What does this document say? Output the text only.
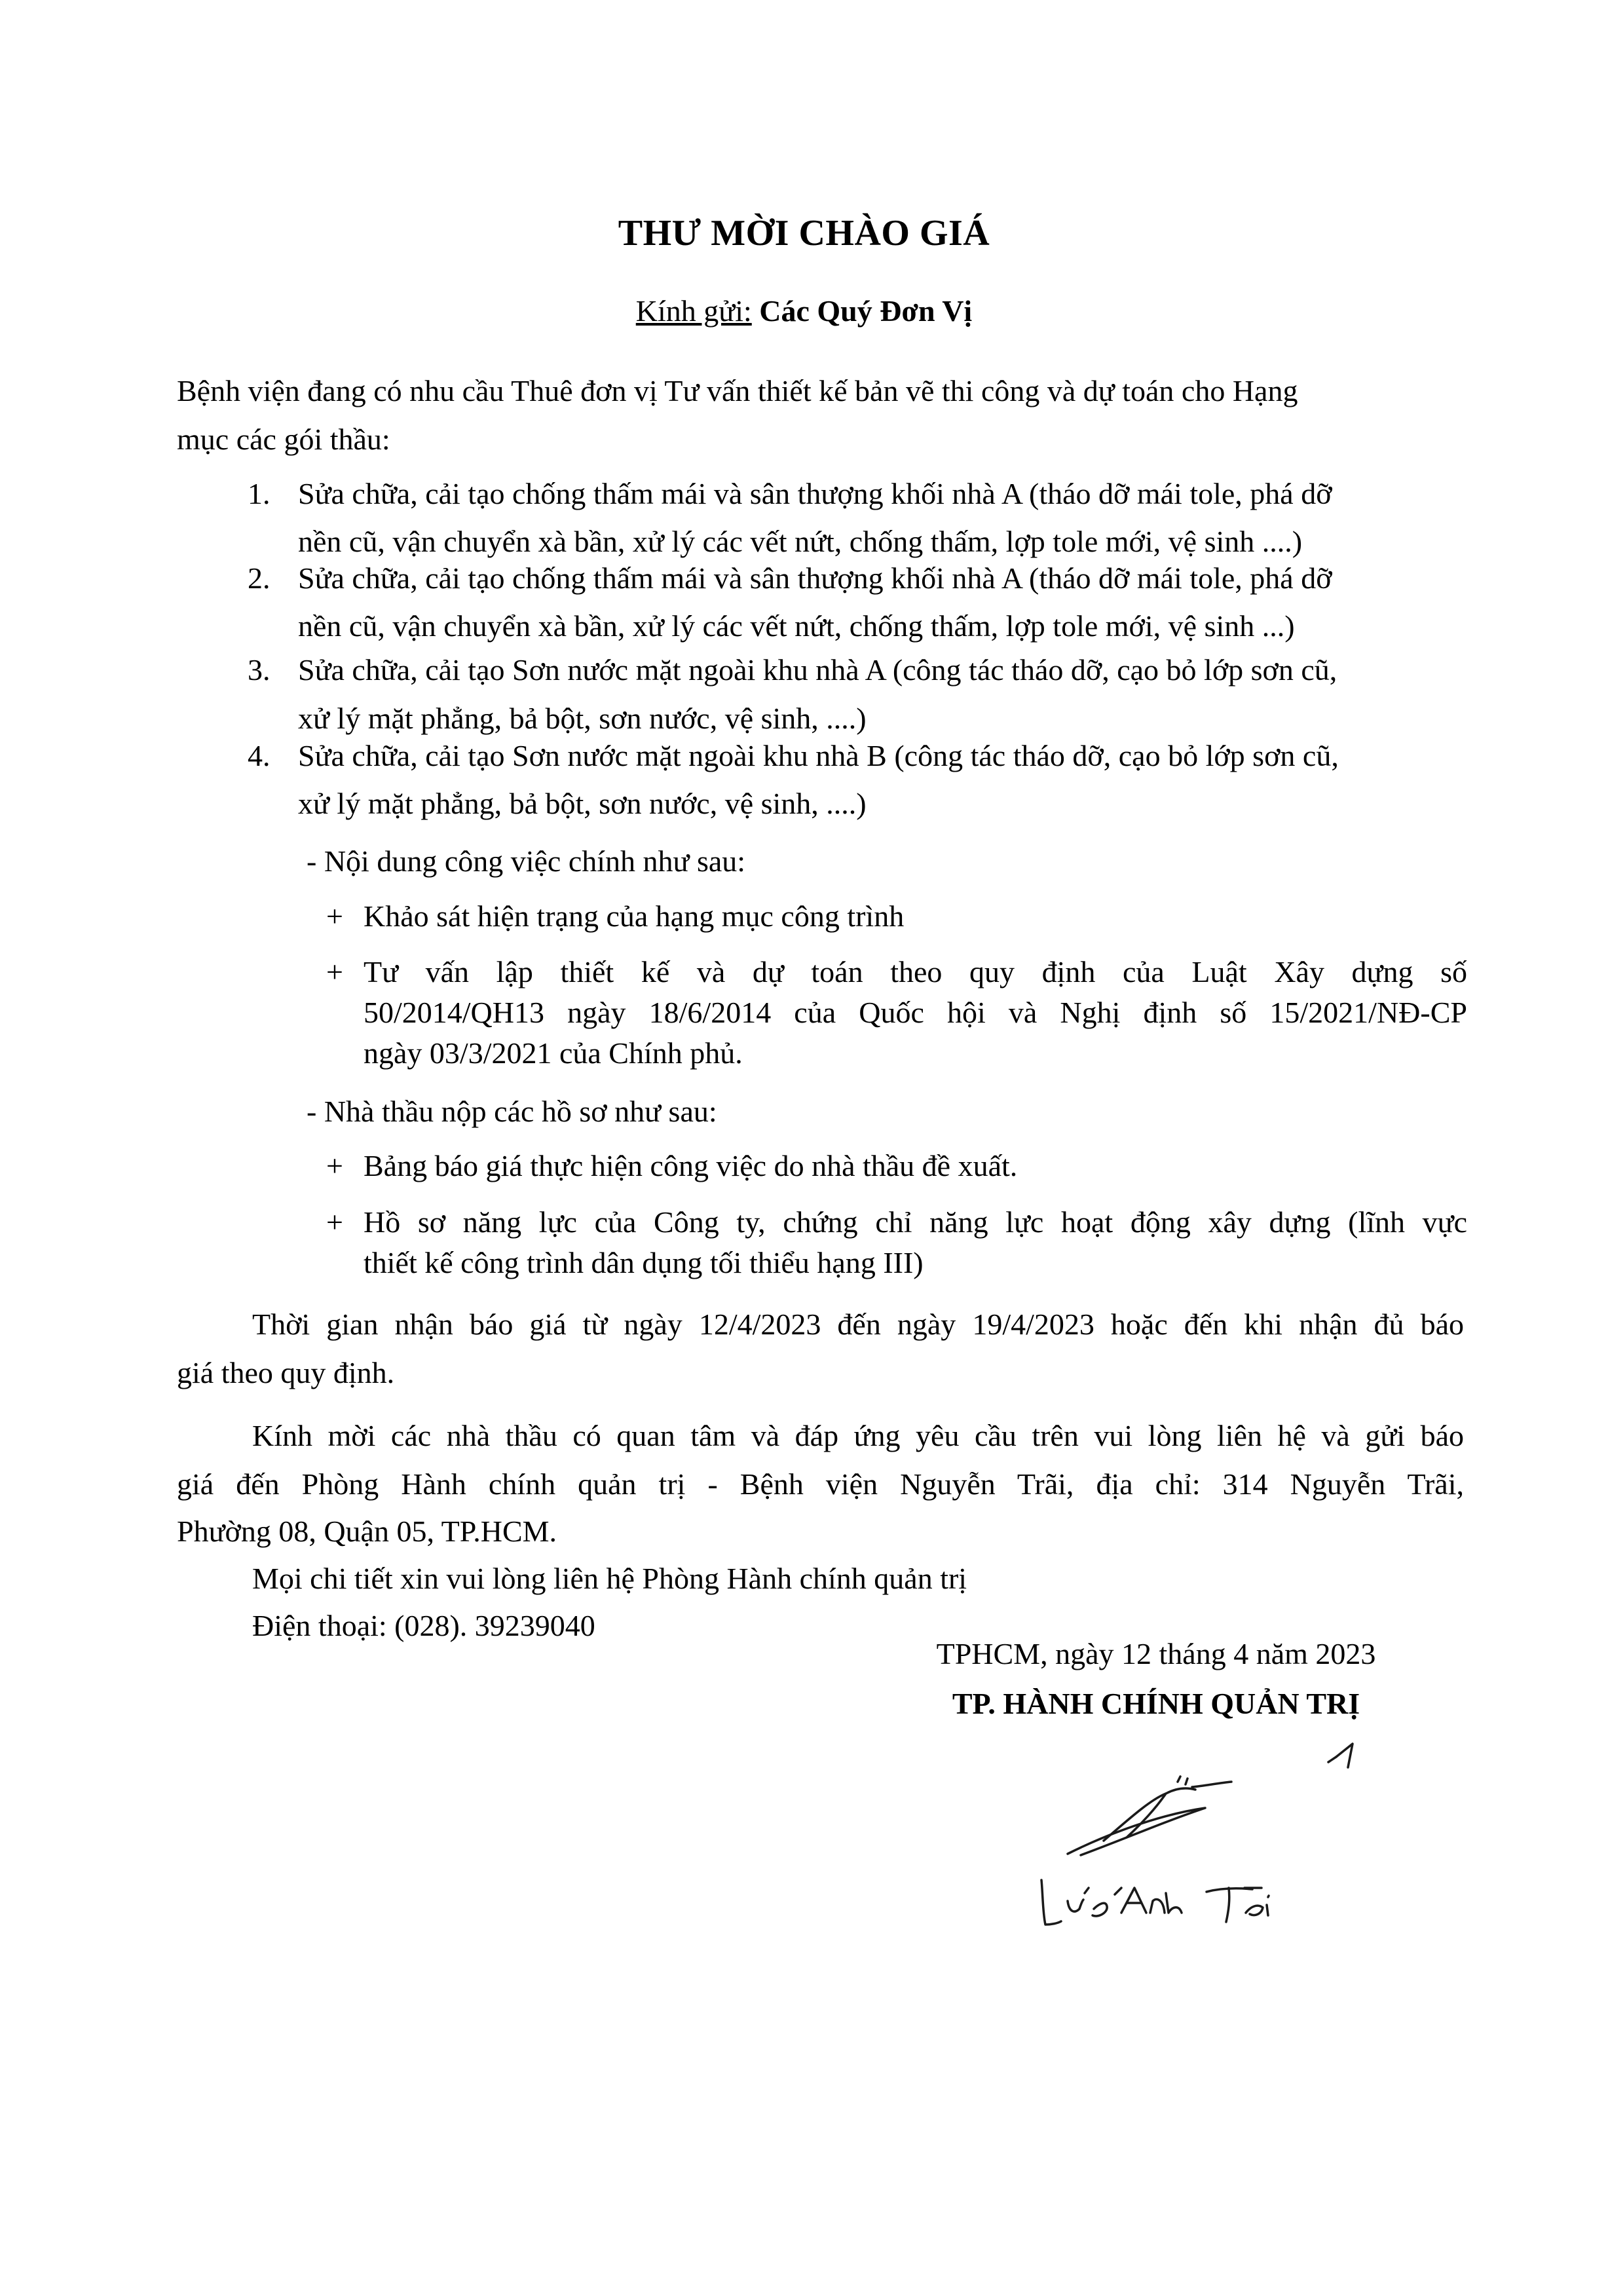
THƯ MỜI CHÀO GIÁ
Kính gửi: Các Quý Đơn Vị
Bệnh viện đang có nhu cầu Thuê đơn vị Tư vấn thiết kế bản vẽ thi công và dự toán cho Hạng
mục các gói thầu:
1. Sửa chữa, cải tạo chống thấm mái và sân thượng khối nhà A (tháo dỡ mái tole, phá dỡ
nền cũ, vận chuyển xà bần, xử lý các vết nứt, chống thấm, lợp tole mới, vệ sinh ....)
2. Sửa chữa, cải tạo chống thấm mái và sân thượng khối nhà A (tháo dỡ mái tole, phá dỡ
nền cũ, vận chuyển xà bần, xử lý các vết nứt, chống thấm, lợp tole mới, vệ sinh ...)
3. Sửa chữa, cải tạo Sơn nước mặt ngoài khu nhà A (công tác tháo dỡ, cạo bỏ lớp sơn cũ,
xử lý mặt phẳng, bả bột, sơn nước, vệ sinh, ....)
4. Sửa chữa, cải tạo Sơn nước mặt ngoài khu nhà B (công tác tháo dỡ, cạo bỏ lớp sơn cũ,
xử lý mặt phẳng, bả bột, sơn nước, vệ sinh, ....)
- Nội dung công việc chính như sau:
+ Khảo sát hiện trạng của hạng mục công trình
+ Tư vấn lập thiết kế và dự toán theo quy định của Luật Xây dựng số
50/2014/QH13 ngày 18/6/2014 của Quốc hội và Nghị định số 15/2021/NĐ-CP
ngày 03/3/2021 của Chính phủ.
- Nhà thầu nộp các hồ sơ như sau:
+ Bảng báo giá thực hiện công việc do nhà thầu đề xuất.
+ Hồ sơ năng lực của Công ty, chứng chỉ năng lực hoạt động xây dựng (lĩnh vực
thiết kế công trình dân dụng tối thiểu hạng III)
Thời gian nhận báo giá từ ngày 12/4/2023 đến ngày 19/4/2023 hoặc đến khi nhận đủ báo
giá theo quy định.
Kính mời các nhà thầu có quan tâm và đáp ứng yêu cầu trên vui lòng liên hệ và gửi báo
giá đến Phòng Hành chính quản trị - Bệnh viện Nguyễn Trãi, địa chỉ: 314 Nguyễn Trãi,
Phường 08, Quận 05, TP.HCM.
Mọi chi tiết xin vui lòng liên hệ Phòng Hành chính quản trị
Điện thoại: (028). 39239040
TPHCM, ngày 12 tháng 4 năm 2023
TP. HÀNH CHÍNH QUẢN TRỊ
